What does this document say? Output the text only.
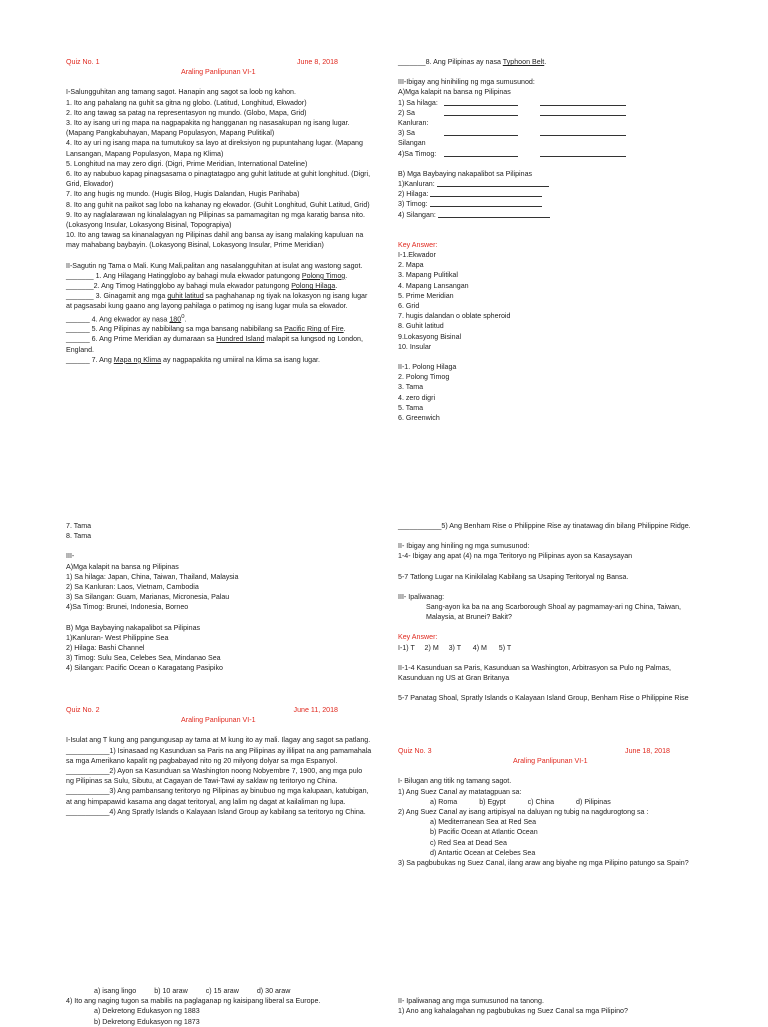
Quiz No. 1	June 8, 2018
Araling Panlipunan VI-1
I-Salungguhitan ang tamang sagot. Hanapin ang sagot sa loob ng kahon.
1. Ito ang pahalang na guhit sa gitna ng globo. (Latitud, Longhitud, Ekwador)
2. Ito ang tawag sa patag na representasyon ng mundo. (Globo, Mapa, Grid)
3. Ito ay isang uri ng mapa na nagpapakita ng hangganan ng nasasakupan ng isang lugar. (Mapang Pangkabuhayan, Mapang Populasyon, Mapang Pulitikal)
4. Ito ay uri ng isang mapa na tumutukoy sa layo at direksiyon ng pupuntahang lugar. (Mapang Lansangan, Mapang Populasyon, Mapa ng Klima)
5. Longhitud na may zero digri. (Digri, Prime Meridian, International Dateline)
6. Ito ay nabubuo kapag pinagsasama o pinagtatagpo ang guhit latitude at guhit longhitud. (Digri, Grid, Ekwador)
7. Ito ang hugis ng mundo. (Hugis Bilog, Hugis Dalandan, Hugis Parihaba)
8. Ito ang guhit na paikot sag lobo na kahanay ng ekwador. (Guhit Longhitud, Guhit Latitud, Grid)
9. Ito ay naglalarawan ng kinalalagyan ng Pilipinas sa pamamagitan ng mga karatig bansa nito. (Lokasyong Insular, Lokasyong Bisinal, Topograpiya)
10. Ito ang tawag sa kinanalagyan ng Pilipinas dahil ang bansa ay isang malaking kapuluan na may mahabang baybayin. (Lokasyong Bisinal, Lokasyong Insular, Prime Meridian)
II-Sagutin ng Tama o Mali. Kung Mali,palitan ang nasalangguhitan at isulat ang wastong sagot.
_______ 1. Ang Hilagang Hatingglobo ay bahagi mula ekwador patungong Polong Timog.
_______2. Ang Timog Hatingglobo ay bahagi mula ekwador patungong Polong Hilaga.
_______ 3. Ginagamit ang mga guhit latitud sa paghahanap ng tiyak na lokasyon ng isang lugar at pagsasabi kung gaano ang layong pahilaga o patimog ng isang lugar mula sa ekwador.
______ 4. Ang ekwador ay nasa $180^0$.
______ 5. Ang Pilipinas ay nabibilang sa mga bansang nabibilang sa Pacific Ring of Fire.
______ 6. Ang Prime Meridian ay dumaraan sa Hundred Island malapit sa lungsod ng London, England.
______ 7. Ang Mapa ng Klima ay nagpapakita ng umiiral na klima sa isang lugar.
_______8. Ang Pilipinas ay nasa Typhoon Belt.
III-Ibigay ang hinihiling ng mga sumusunod:
A)Mga kalapit na bansa ng Pilipinas
1) Sa hilaga:
2) Sa Kanluran:
3) Sa Silangan
4)Sa Timog:
B) Mga Baybaying nakapalibot sa Pilipinas
1)Kanluran:
2) Hilaga:
3) Timog:
4) Silangan:
Key Answer:
I-1.Ekwador
2. Mapa
3. Mapang Pulitikal
4. Mapang Lansangan
5. Prime Meridian
6. Grid
7. hugis dalandan o oblate spheroid
8. Guhit latitud
9.Lokasyong Bisinal
10. Insular
II-1. Polong Hilaga
2. Polong Timog
3. Tama
4. zero digri
5. Tama
6. Greenwich
7. Tama
8. Tama
III-
A)Mga kalapit na bansa ng Pilipinas
1) Sa hilaga: Japan, China, Taiwan, Thailand, Malaysia
2) Sa Kanluran: Laos, Vietnam, Cambodia
3) Sa Silangan: Guam, Marianas, Micronesia, Palau
4)Sa Timog: Brunei, Indonesia, Borneo
B) Mga Baybaying nakapalibot sa Pilipinas
1)Kanluran- West Philippine Sea
2) Hilaga: Bashi Channel
3) Timog: Sulu Sea, Celebes Sea, Mindanao Sea
4) Silangan: Pacific Ocean o Karagatang Pasipiko
Quiz No. 2	June 11, 2018
Araling Panlipunan VI-1
I-Isulat ang T kung ang pangungusap ay tama at M kung ito ay mali. Ilagay ang sagot sa patlang.
___________1) Isinasaad ng Kasunduan sa Paris na ang Pilipinas ay ililipat na ang pamamahala sa mga Amerikano kapalit ng pagbabayad nito ng 20 milyong dolyar sa mga Espanyol.
___________2) Ayon sa Kasunduan sa Washington noong Nobyembre 7, 1900, ang mga pulo ng Pilipinas sa Sulu, Sibutu, at Cagayan de Tawi-Tawi ay saklaw ng teritoryo ng China.
___________3) Ang pambansang teritoryo ng Pilipinas ay binubuo ng mga kalupaan, katubigan, at ang himpapawid kasama ang dagat teritoryal, ang lalim ng dagat at kailaliman ng lupa.
___________4) Ang Spratly Islands o Kalayaan Island Group ay kabilang sa teritoryo ng China.
___________5) Ang Benham Rise o Philippine Rise ay tinatawag din bilang Philippine Ridge.
II- Ibigay ang hiniling ng mga sumusunod:
1-4- Ibigay ang apat (4) na mga Teritoryo ng Pilipinas ayon sa Kasaysayan
5-7 Tatlong Lugar na Kinikilalag Kabilang sa Usaping Teritoryal ng Bansa.
III- Ipaliwanag:
Sang-ayon ka ba na ang Scarborough Shoal ay pagmamay-ari ng China, Taiwan, Malaysia, at Brunei? Bakit?
Key Answer:
I-1) T     2) M     3) T      4) M      5) T
II-1-4 Kasunduan sa Paris, Kasunduan sa Washington, Arbitrasyon sa Pulo ng Palmas, Kasunduan ng US at Gran Britanya
5-7 Panatag Shoal, Spratly Islands o Kalayaan Island Group, Benham Rise o Philippine Rise
Quiz No. 3	June 18, 2018
Araling Panlipunan VI-1
I- Bilugan ang titik ng tamang sagot.
1) Ang Suez Canal ay matatagpuan sa:
a) Roma	b) Egypt	c) China	d) Pilipinas
2) Ang Suez Canal ay isang artipisyal na daluyan ng tubig na nagdurogtong sa :
a) Mediterranean Sea at Red Sea
b) Pacific Ocean at Atlantic Ocean
c) Red Sea at Dead Sea
d) Antartic Ocean at Celebes Sea
3) Sa pagbubukas ng Suez Canal, ilang araw ang biyahe ng mga Pilipino patungo sa Spain?
a) isang lingo	b) 10 araw	c) 15 araw	d) 30 araw
4) Ito ang naging tugon sa mabilis na paglaganap ng kaisipang liberal sa Europe.
a) Dekretong Edukasyon ng 1883
b) Dekretong Edukasyon ng 1873
II- Ipaliwanag ang mga sumusunod na tanong.
1) Ano ang kahalagahan ng pagbubukas ng Suez Canal sa mga Pilipino?
